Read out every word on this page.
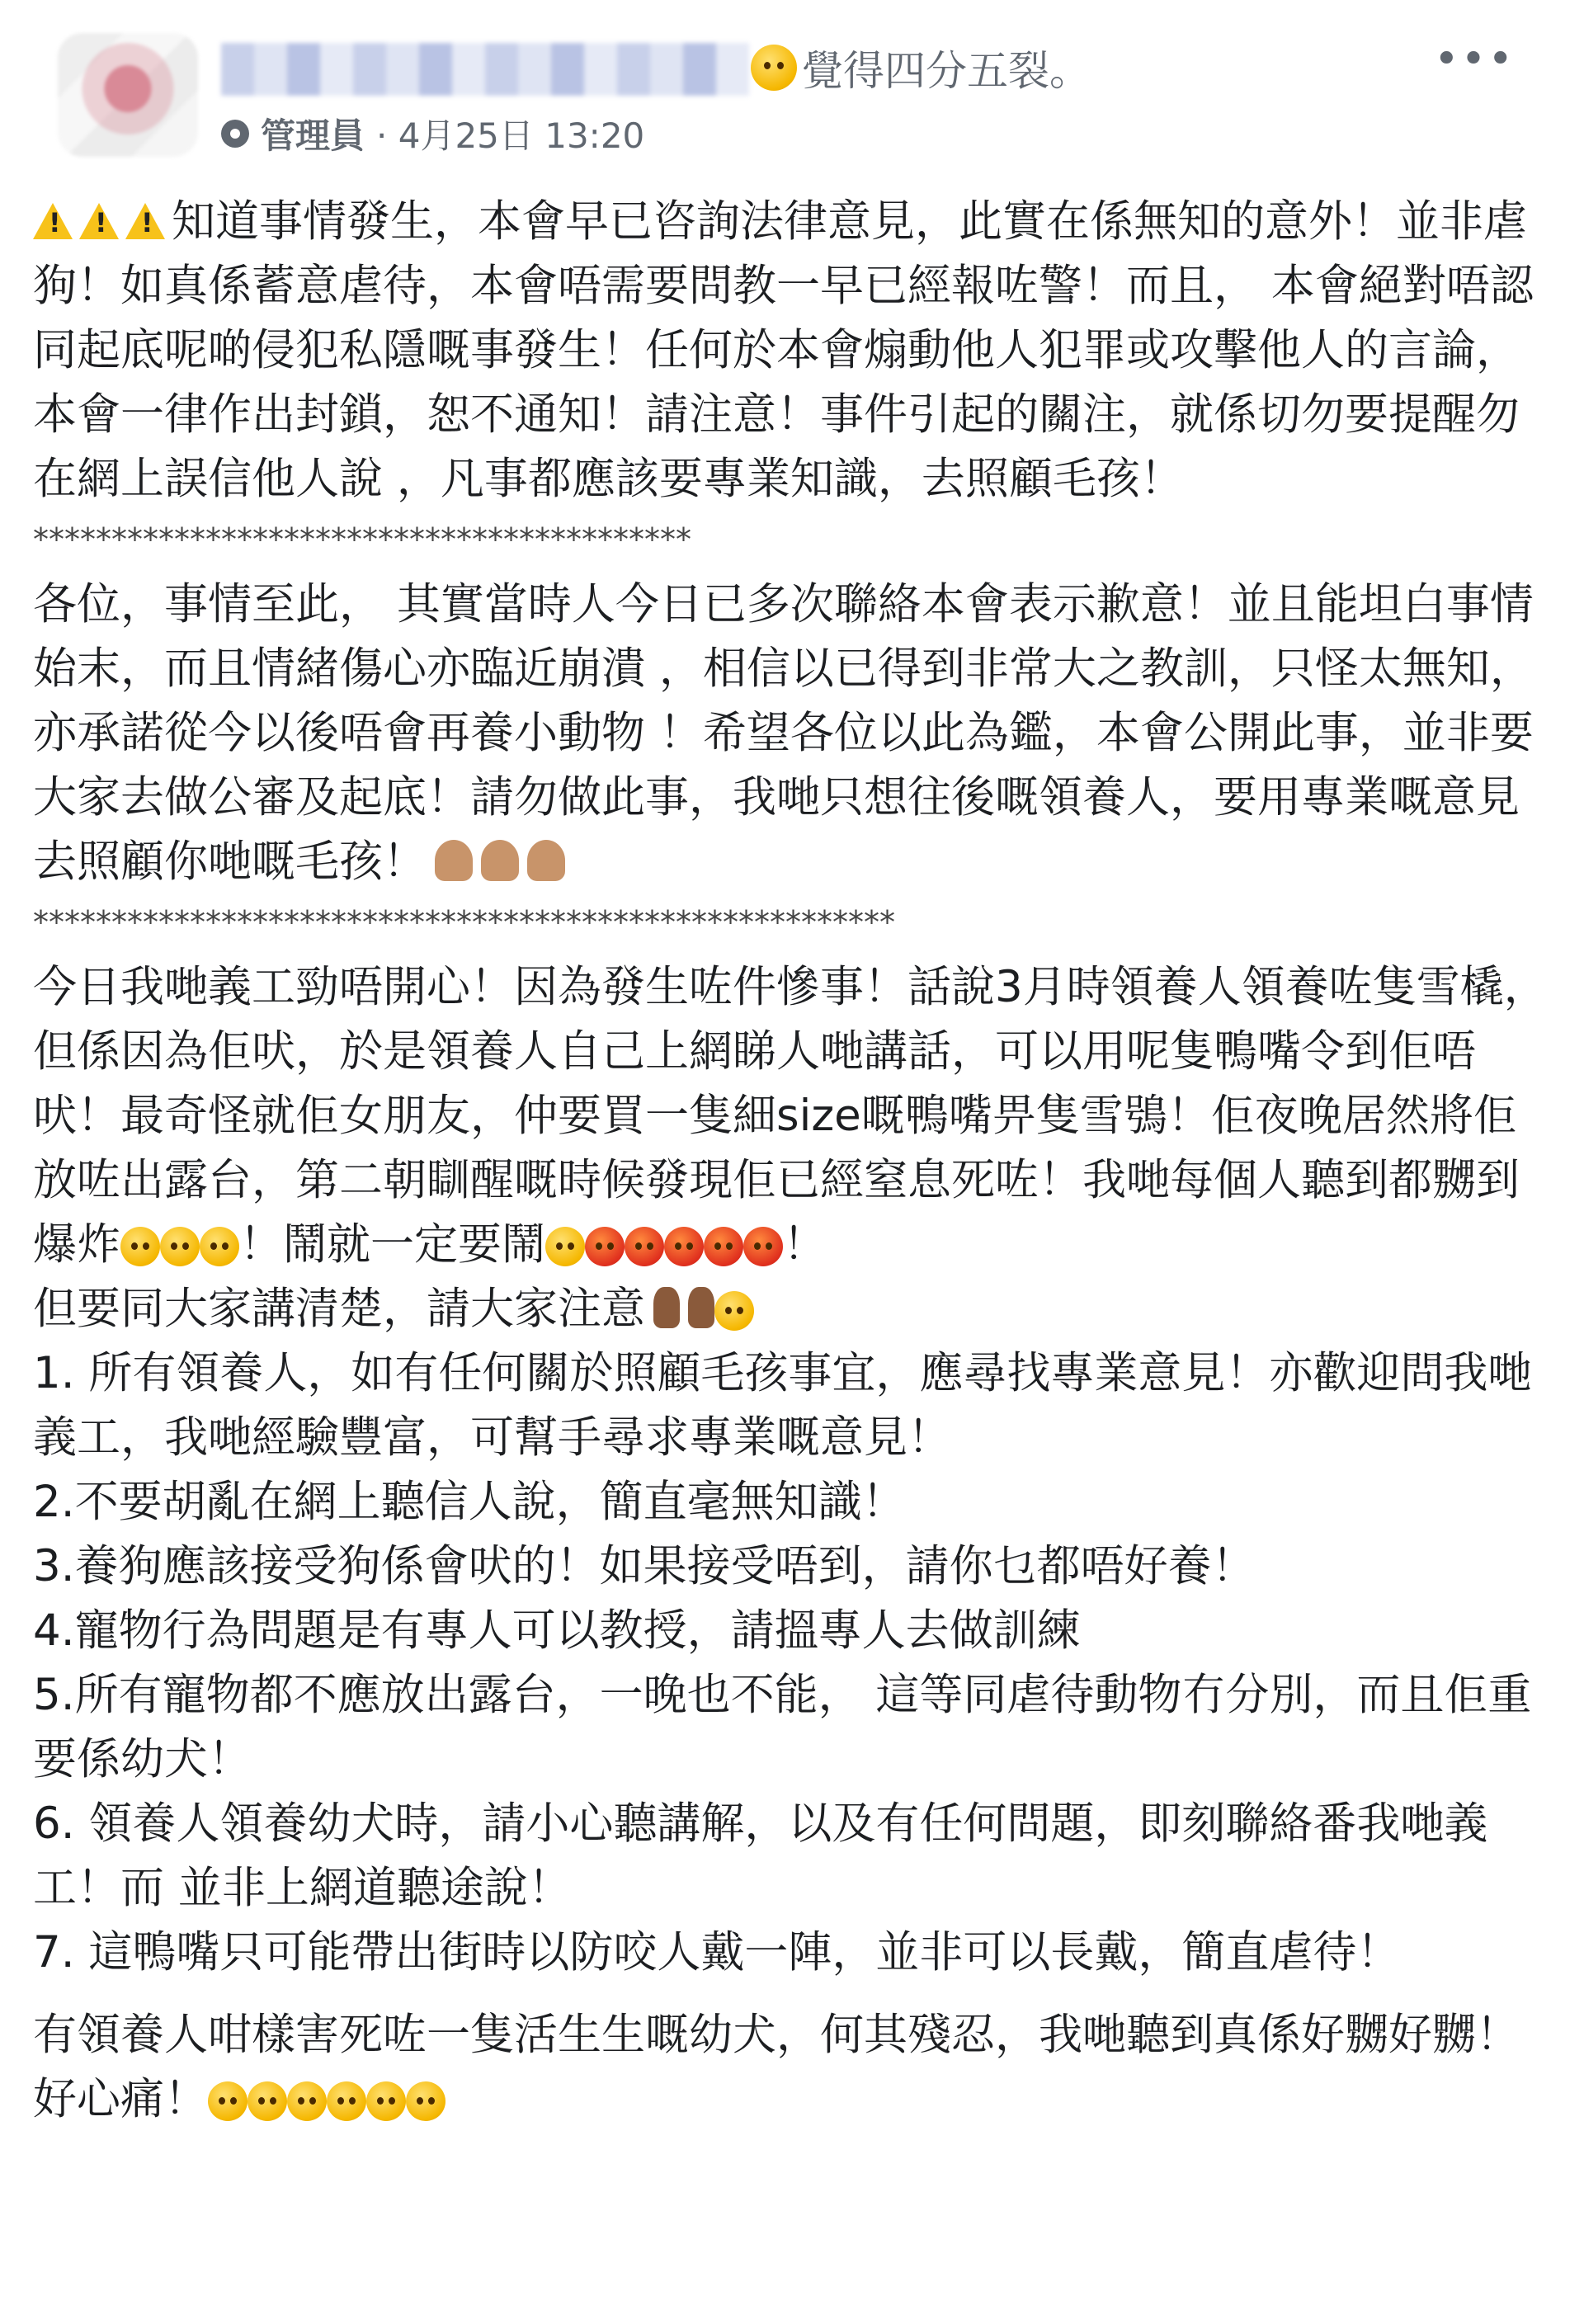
覺得四分五裂。	•••
管理員 · 4月25日 13:20

! ! !知道事情發生，本會早已咨詢法律意見，此實在係無知的意外！並非虐狗！如真係蓄意虐待，本會唔需要問教一早已經報咗警！而且， 本會絕對唔認同起底呢啲侵犯私隱嘅事發生！任何於本會煽動他人犯罪或攻擊他人的言論，本會一律作出封鎖，恕不通知！請注意！事件引起的關注，就係切勿要提醒勿在網上誤信他人說 ，凡事都應該要專業知識，去照顧毛孩！

******************************************

各位，事情至此， 其實當時人今日已多次聯絡本會表示歉意！並且能坦白事情始末，而且情緒傷心亦臨近崩潰 ，相信以已得到非常大之教訓，只怪太無知，亦承諾從今以後唔會再養小動物 ！希望各位以此為鑑，本會公開此事，並非要大家去做公審及起底！請勿做此事，我哋只想往後嘅領養人，要用專業嘅意見去照顧你哋嘅毛孩！

*******************************************************

今日我哋義工勁唔開心！因為發生咗件慘事！話說3月時領養人領養咗隻雪橇，但係因為佢吠，於是領養人自己上網睇人哋講話，可以用呢隻鴨嘴令到佢唔吠！最奇怪就佢女朋友，仲要買一隻細size嘅鴨嘴畀隻雪鴞！佢夜晚居然將佢放咗出露台，第二朝瞓醒嘅時候發現佢已經窒息死咗！我哋每個人聽到都嬲到爆炸	！鬧就一定要鬧	！

但要同大家講清楚，請大家注意

1. 所有領養人，如有任何關於照顧毛孩事宜，應尋找專業意見！亦歡迎問我哋義工，我哋經驗豐富，可幫手尋求專業嘅意見！

2.不要胡亂在網上聽信人說，簡直毫無知識！

3.養狗應該接受狗係會吠的！如果接受唔到，請你乜都唔好養！

4.寵物行為問題是有專人可以教授，請搵專人去做訓練

5.所有寵物都不應放出露台，一晚也不能， 這等同虐待動物冇分別，而且佢重要係幼犬！

6. 領養人領養幼犬時，請小心聽講解，以及有任何問題，即刻聯絡番我哋義工！而 並非上網道聽途說！

7. 這鴨嘴只可能帶出街時以防咬人戴一陣，並非可以長戴，簡直虐待！

有領養人咁樣害死咗一隻活生生嘅幼犬，何其殘忍，我哋聽到真係好嬲好嬲！好心痛！
